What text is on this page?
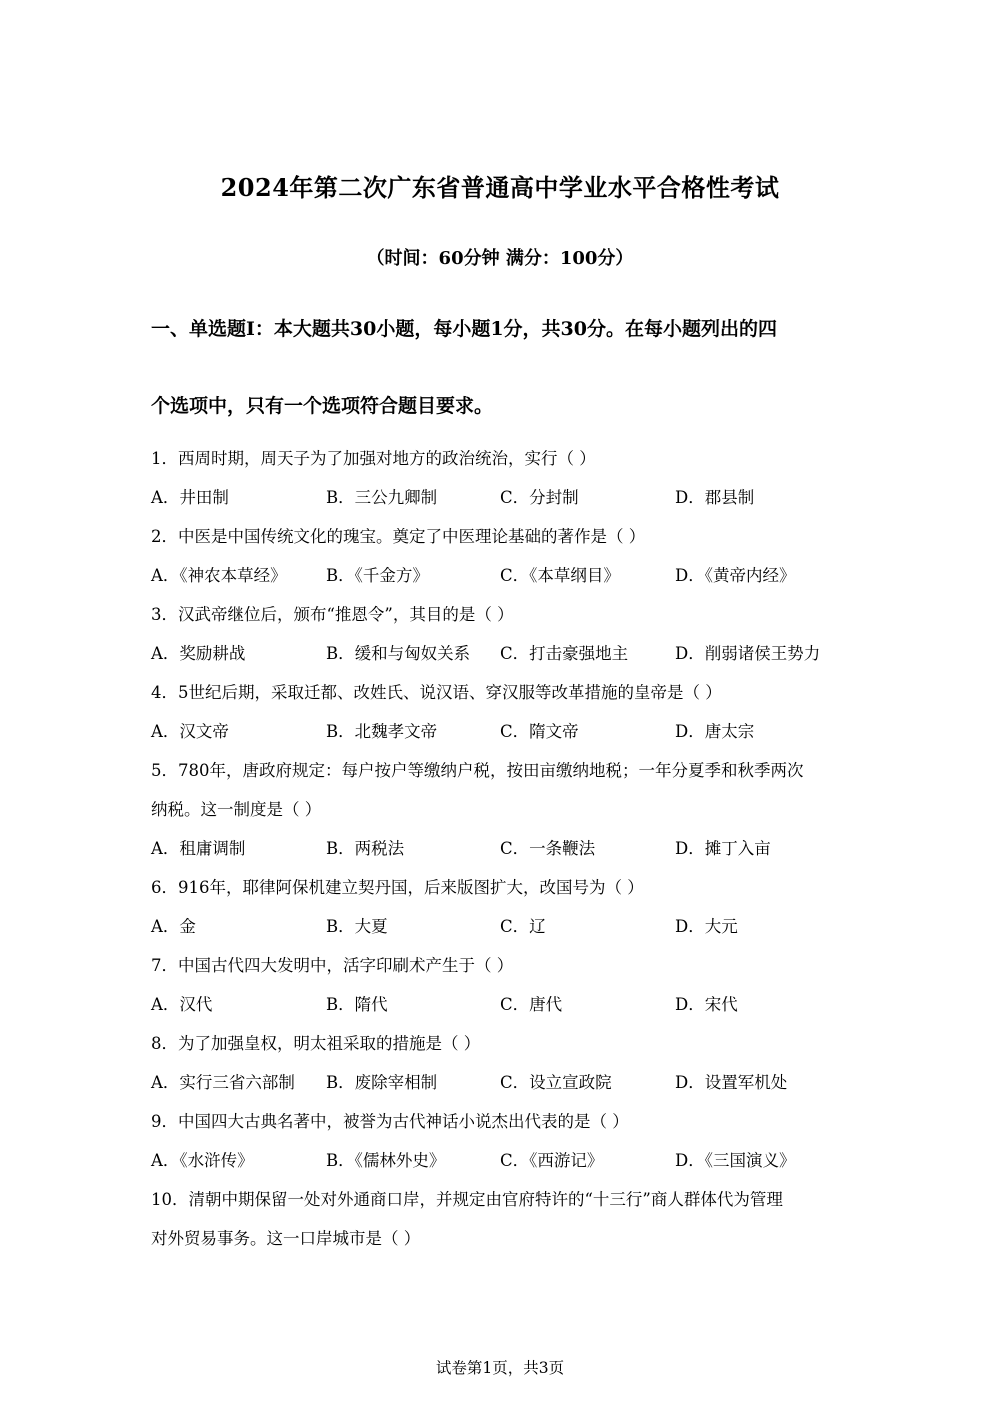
2024年第二次广东省普通高中学业水平合格性考试
（时间：60分钟 满分：100分）
一、单选题Ⅰ：本大题共30小题，每小题1分，共30分。在每小题列出的四
个选项中，只有一个选项符合题目要求。
1．西周时期，周天子为了加强对地方的政治统治，实行（ ）
A．井田制	B．三公九卿制	C．分封制	D．郡县制
2．中医是中国传统文化的瑰宝。奠定了中医理论基础的著作是（ ）
A．《神农本草经》 B．《千金方》	C．《本草纲目》	D．《黄帝内经》
3．汉武帝继位后，颁布“推恩令”，其目的是（ ）
A．奖励耕战	B．缓和与匈奴关系 C．打击豪强地主	D．削弱诸侯王势力
4．5世纪后期，采取迁都、改姓氏、说汉语、穿汉服等改革措施的皇帝是（ ）
A．汉文帝	B．北魏孝文帝	C．隋文帝	D．唐太宗
5．780年，唐政府规定：每户按户等缴纳户税，按田亩缴纳地税；一年分夏季和秋季两次
纳税。这一制度是（ ）
A．租庸调制	B．两税法	C．一条鞭法	D．摊丁入亩
6．916年，耶律阿保机建立契丹国，后来版图扩大，改国号为（ ）
A．金	B．大夏	C．辽	D．大元
7．中国古代四大发明中，活字印刷术产生于（ ）
A．汉代	B．隋代	C．唐代	D．宋代
8．为了加强皇权，明太祖采取的措施是（ ）
A．实行三省六部制 B．废除宰相制	C．设立宣政院	D．设置军机处
9．中国四大古典名著中，被誉为古代神话小说杰出代表的是（ ）
A．《水浒传》	B．《儒林外史》	C．《西游记》	D．《三国演义》
10．清朝中期保留一处对外通商口岸，并规定由官府特许的“十三行”商人群体代为管理
对外贸易事务。这一口岸城市是（ ）
试卷第1页，共3页
